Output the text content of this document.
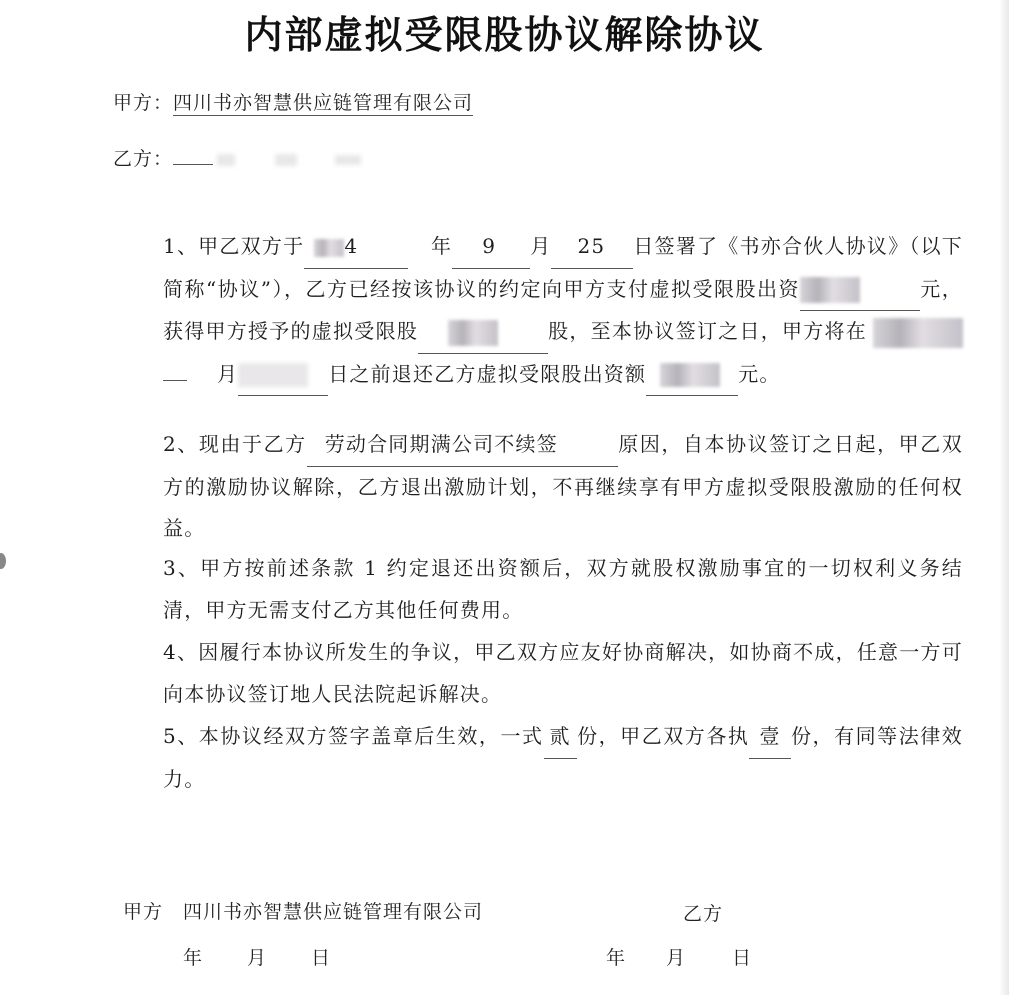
内部虚拟受限股协议解除协议
甲方：四川书亦智慧供应链管理有限公司
乙方：
1、甲乙双方于 4	年 9 月 25 日签署了《书亦合伙人协议》（以下简称“协议”），乙方已经按该协议的约定向甲方支付虚拟受限股出资	元，获得甲方授予的虚拟受限股	股，至本协议签订之日，甲方将在月	日之前退还乙方虚拟受限股出资额	元。
2、现由于乙方 劳动合同期满公司不续签	原因，自本协议签订之日起，甲乙双方的激励协议解除，乙方退出激励计划，不再继续享有甲方虚拟受限股激励的任何权益。
3、甲方按前述条款 1 约定退还出资额后，双方就股权激励事宜的一切权利义务结清，甲方无需支付乙方其他任何费用。
4、因履行本协议所发生的争议，甲乙双方应友好协商解决，如协商不成，任意一方可向本协议签订地人民法院起诉解决。
5、本协议经双方签字盖章后生效，一式 贰 份，甲乙双方各执 壹 份，有同等法律效力。
甲方 四川书亦智慧供应链管理有限公司	乙方
年 月 日	年 月 日
